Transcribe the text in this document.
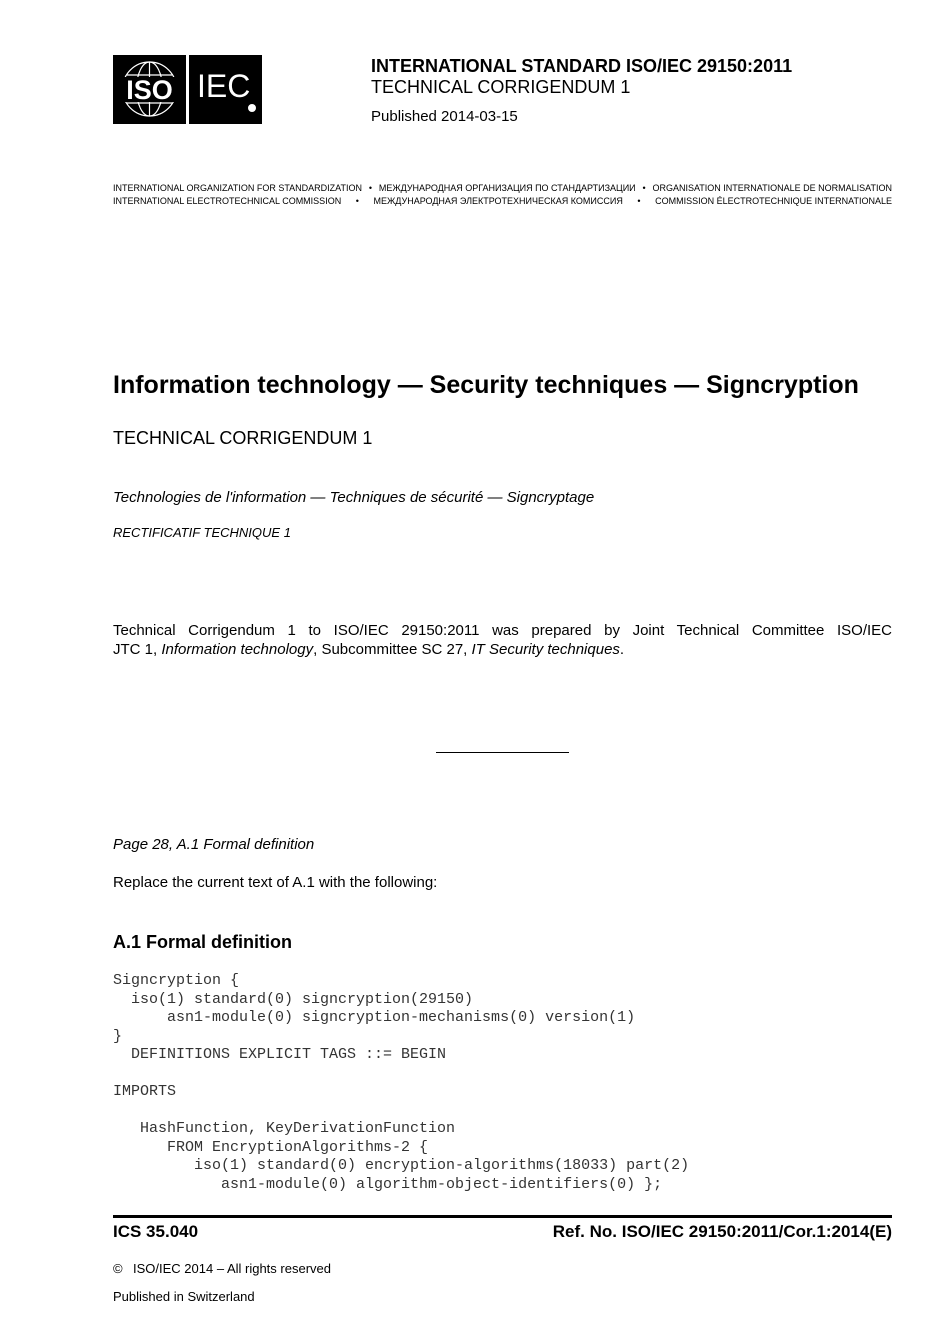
ISO IEC
INTERNATIONAL STANDARD ISO/IEC 29150:2011
TECHNICAL CORRIGENDUM 1
Published 2014-03-15
INTERNATIONAL ORGANIZATION FOR STANDARDIZATION • МЕЖДУНАРОДНАЯ ОРГАНИЗАЦИЯ ПО СТАНДАРТИЗАЦИИ • ORGANISATION INTERNATIONALE DE NORMALISATION
INTERNATIONAL ELECTROTECHNICAL COMMISSION • МЕЖДУНАРОДНАЯ ЭЛЕКТРОТЕХНИЧЕСКАЯ КОМИССИЯ • COMMISSION ÉLECTROTECHNIQUE INTERNATIONALE
Information technology — Security techniques — Signcryption
TECHNICAL CORRIGENDUM 1
Technologies de l'information — Techniques de sécurité — Signcryptage
RECTIFICATIF TECHNIQUE 1
Technical Corrigendum 1 to ISO/IEC 29150:2011 was prepared by Joint Technical Committee ISO/IEC
JTC 1, Information technology, Subcommittee SC 27, IT Security techniques.
Page 28, A.1 Formal definition
Replace the current text of A.1 with the following:
A.1 Formal definition
Signcryption {
iso(1) standard(0) signcryption(29150)
asn1-module(0) signcryption-mechanisms(0) version(1)
}
DEFINITIONS EXPLICIT TAGS ::= BEGIN

IMPORTS

HashFunction, KeyDerivationFunction
FROM EncryptionAlgorithms-2 {
iso(1) standard(0) encryption-algorithms(18033) part(2)
asn1-module(0) algorithm-object-identifiers(0) };
ICS 35.040	Ref. No. ISO/IEC 29150:2011/Cor.1:2014(E)
© ISO/IEC 2014 – All rights reserved
Published in Switzerland
